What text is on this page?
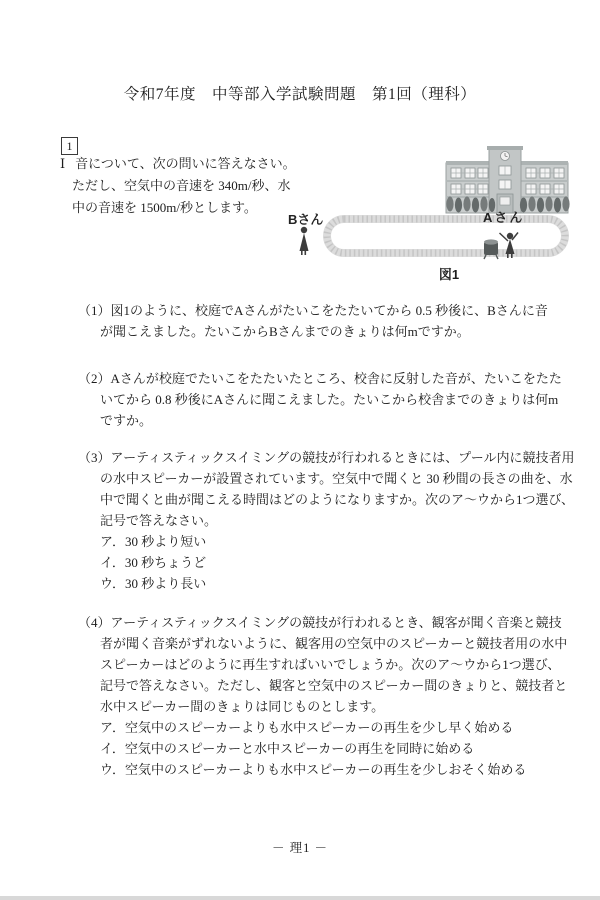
令和7年度　中等部入学試験問題　第1回（理科）
1
Ⅰ 音について、次の問いに答えなさい。
ただし、空気中の音速を 340m/秒、水
中の音速を 1500m/秒とします。
Bさん	Aさん
図1
（1）図1のように、校庭でAさんがたいこをたたいてから 0.5 秒後に、Bさんに音
が聞こえました。たいこからBさんまでのきょりは何mですか。
（2）Aさんが校庭でたいこをたたいたところ、校舎に反射した音が、たいこをたた
いてから 0.8 秒後にAさんに聞こえました。たいこから校舎までのきょりは何m
ですか。
（3）アーティスティックスイミングの競技が行われるときには、プール内に競技者用
の水中スピーカーが設置されています。空気中で聞くと 30 秒間の長さの曲を、水
中で聞くと曲が聞こえる時間はどのようになりますか。次のア～ウから1つ選び、
記号で答えなさい。
ア．30 秒より短い
イ．30 秒ちょうど
ウ．30 秒より長い
（4）アーティスティックスイミングの競技が行われるとき、観客が聞く音楽と競技
者が聞く音楽がずれないように、観客用の空気中のスピーカーと競技者用の水中
スピーカーはどのように再生すればいいでしょうか。次のア～ウから1つ選び、
記号で答えなさい。ただし、観客と空気中のスピーカー間のきょりと、競技者と
水中スピーカー間のきょりは同じものとします。
ア．空気中のスピーカーよりも水中スピーカーの再生を少し早く始める
イ．空気中のスピーカーと水中スピーカーの再生を同時に始める
ウ．空気中のスピーカーよりも水中スピーカーの再生を少しおそく始める
－ 理1 －
